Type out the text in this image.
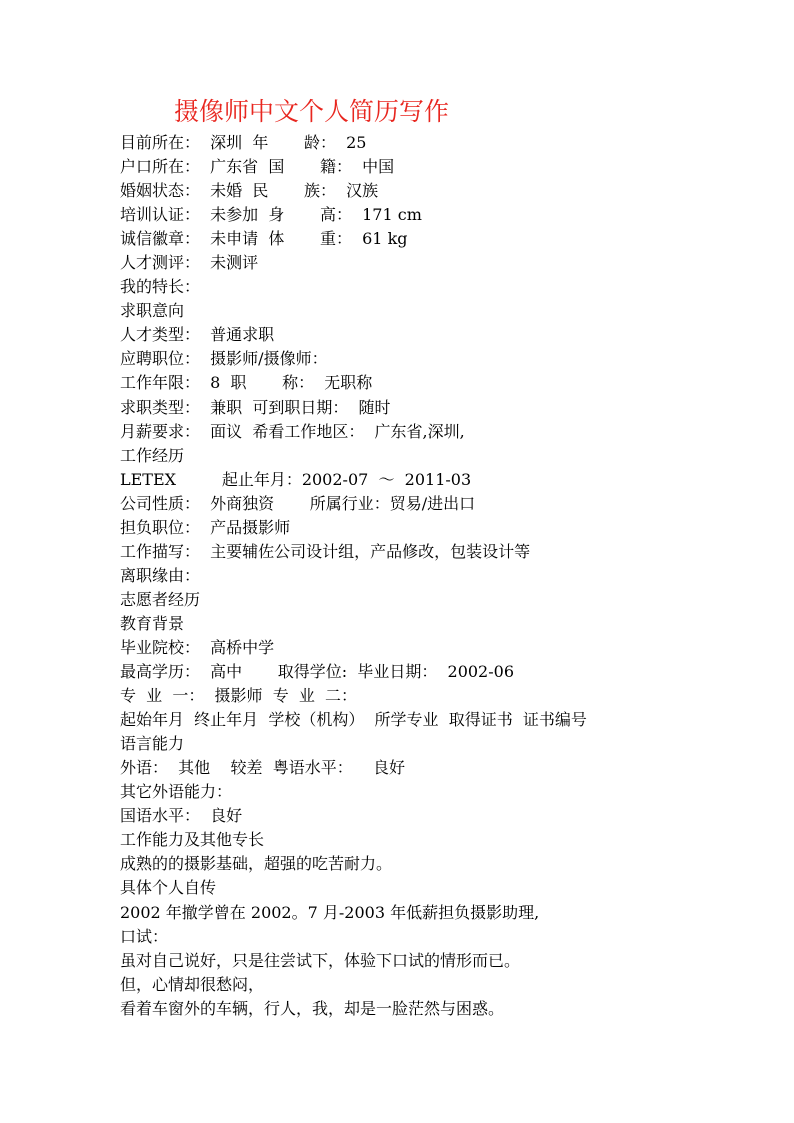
摄像师中文个人简历写作
目前所在：  深圳  年       龄：  25
户口所在：  广东省  国       籍：  中国
婚姻状态：  未婚  民       族：  汉族
培训认证：  未参加  身       高：  171 cm
诚信徽章：  未申请  体       重：  61 kg
人才测评：  未测评
我的特长：
求职意向
人才类型：  普通求职
应聘职位：  摄影师/摄像师：
工作年限：  8  职       称：  无职称
求职类型：  兼职  可到职日期：  随时
月薪要求：  面议  希看工作地区：  广东省,深圳,
工作经历
LETEX         起止年月：2002-07  ～  2011-03
公司性质：  外商独资       所属行业：贸易/进出口
担负职位：  产品摄影师
工作描写：  主要辅佐公司设计组，产品修改，包装设计等
离职缘由：
志愿者经历
教育背景
毕业院校：  高桥中学
最高学历：  高中       取得学位:  毕业日期：  2002-06
专  业  一：  摄影师  专  业  二：
起始年月  终止年月  学校（机构）  所学专业  取得证书  证书编号
语言能力
外语：  其他    较差  粤语水平：    良好
其它外语能力：
国语水平：  良好
工作能力及其他专长
成熟的的摄影基础，超强的吃苦耐力。
具体个人自传
2002 年撤学曾在 2002。7 月-2003 年低薪担负摄影助理,
口试：
虽对自己说好，只是往尝试下，体验下口试的情形而已。
但，心情却很愁闷，
看着车窗外的车辆，行人，我，却是一脸茫然与困惑。
